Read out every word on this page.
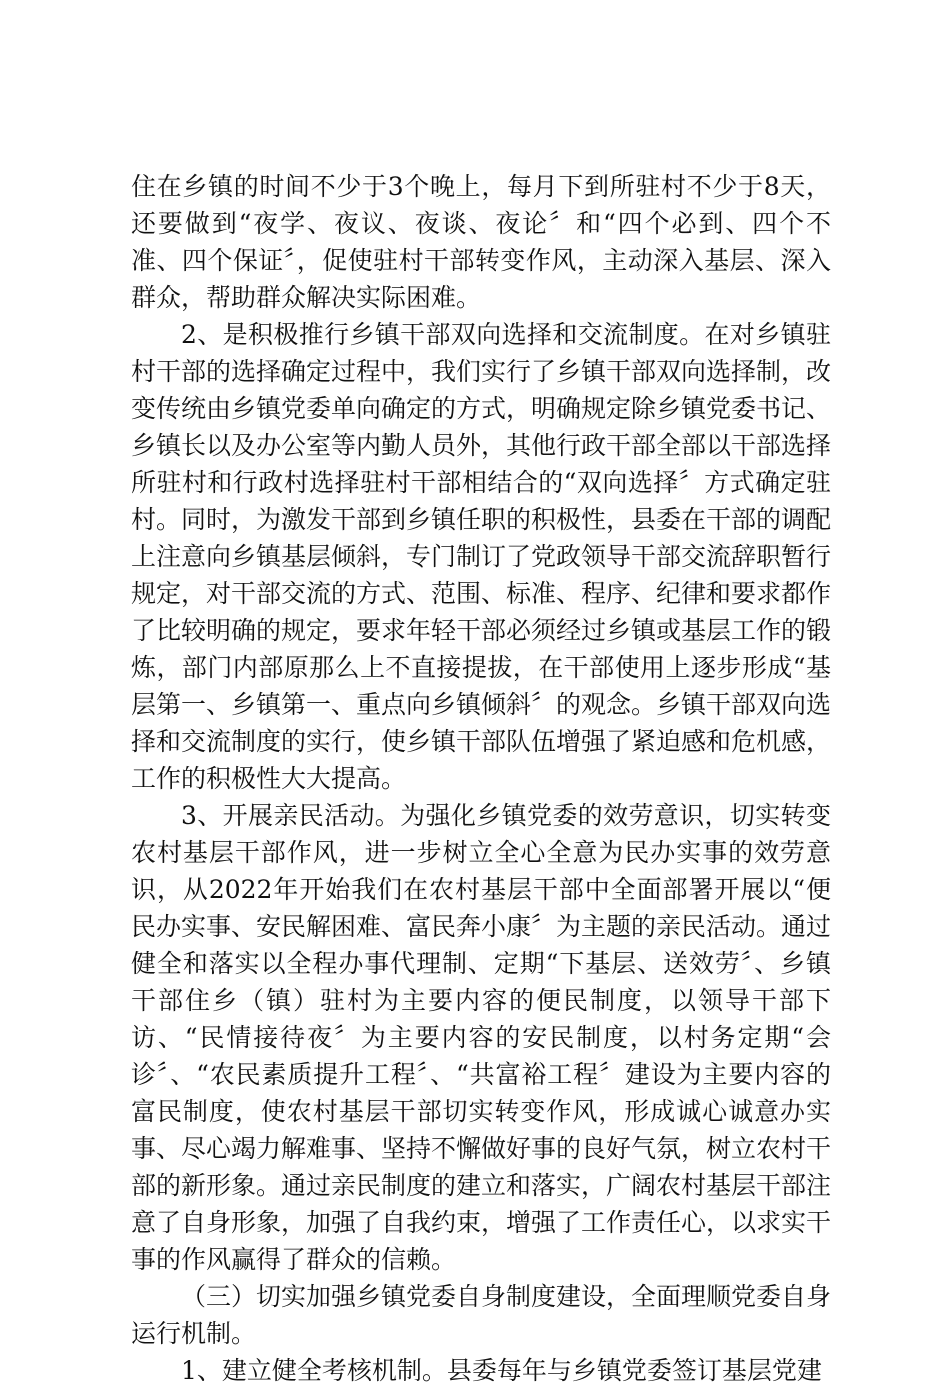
住在乡镇的时间不少于3个晚上，每月下到所驻村不少于8天，还要做到“夜学、夜议、夜谈、夜论〞和“四个必到、四个不准、四个保证〞，促使驻村干部转变作风，主动深入基层、深入群众，帮助群众解决实际困难。

2、是积极推行乡镇干部双向选择和交流制度。在对乡镇驻村干部的选择确定过程中，我们实行了乡镇干部双向选择制，改变传统由乡镇党委单向确定的方式，明确规定除乡镇党委书记、乡镇长以及办公室等内勤人员外，其他行政干部全部以干部选择所驻村和行政村选择驻村干部相结合的“双向选择〞方式确定驻村。同时，为激发干部到乡镇任职的积极性，县委在干部的调配上注意向乡镇基层倾斜，专门制订了党政领导干部交流辞职暂行规定，对干部交流的方式、范围、标准、程序、纪律和要求都作了比较明确的规定，要求年轻干部必须经过乡镇或基层工作的锻炼，部门内部原那么上不直接提拔，在干部使用上逐步形成“基层第一、乡镇第一、重点向乡镇倾斜〞的观念。乡镇干部双向选择和交流制度的实行，使乡镇干部队伍增强了紧迫感和危机感，工作的积极性大大提高。

3、开展亲民活动。为强化乡镇党委的效劳意识，切实转变农村基层干部作风，进一步树立全心全意为民办实事的效劳意识，从2022年开始我们在农村基层干部中全面部署开展以“便民办实事、安民解困难、富民奔小康〞为主题的亲民活动。通过健全和落实以全程办事代理制、定期“下基层、送效劳〞、乡镇干部住乡（镇）驻村为主要内容的便民制度，以领导干部下访、“民情接待夜〞为主要内容的安民制度，以村务定期“会诊〞、“农民素质提升工程〞、“共富裕工程〞建设为主要内容的富民制度，使农村基层干部切实转变作风，形成诚心诚意办实事、尽心竭力解难事、坚持不懈做好事的良好气氛，树立农村干部的新形象。通过亲民制度的建立和落实，广阔农村基层干部注意了自身形象，加强了自我约束，增强了工作责任心，以求实干事的作风赢得了群众的信赖。

（三）切实加强乡镇党委自身制度建设，全面理顺党委自身运行机制。

1、建立健全考核机制。县委每年与乡镇党委签订基层党建
